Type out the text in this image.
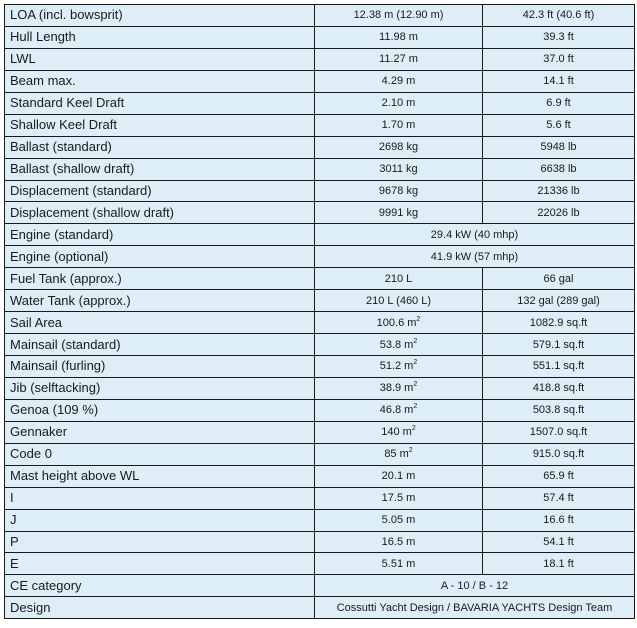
LOA (incl. bowsprit)	12.38 m (12.90 m)	42.3 ft (40.6 ft)
Hull Length	11.98 m	39.3 ft
LWL	11.27 m	37.0 ft
Beam max.	4.29 m	14.1 ft
Standard Keel Draft	2.10 m	6.9 ft
Shallow Keel Draft	1.70 m	5.6 ft
Ballast (standard)	2698 kg	5948 lb
Ballast (shallow draft)	3011 kg	6638 lb
Displacement (standard)	9678 kg	21336 lb
Displacement (shallow draft)	9991 kg	22026 lb
Engine (standard)	29.4 kW (40 mhp)	
Engine (optional)	41.9 kW (57 mhp)	
Fuel Tank (approx.)	210 L	66 gal
Water Tank (approx.)	210 L (460 L)	132 gal (289 gal)
Sail Area	100.6 $m^2$	1082.9 sq.ft
Mainsail (standard)	53.8 $m^2$	579.1 sq.ft
Mainsail (furling)	51.2 $m^2$	551.1 sq.ft
Jib (selftacking)	38.9 $m^2$	418.8 sq.ft
Genoa (109 %)	46.8 $m^2$	503.8 sq.ft
Gennaker	140 $m^2$	1507.0 sq.ft
Code 0	85 $m^2$	915.0 sq.ft
Mast height above WL	20.1 m	65.9 ft
I	17.5 m	57.4 ft
J	5.05 m	16.6 ft
P	16.5 m	54.1 ft
E	5.51 m	18.1 ft
CE category	A - 10 / B - 12	
Design	Cossutti Yacht Design / BAVARIA YACHTS Design Team	
